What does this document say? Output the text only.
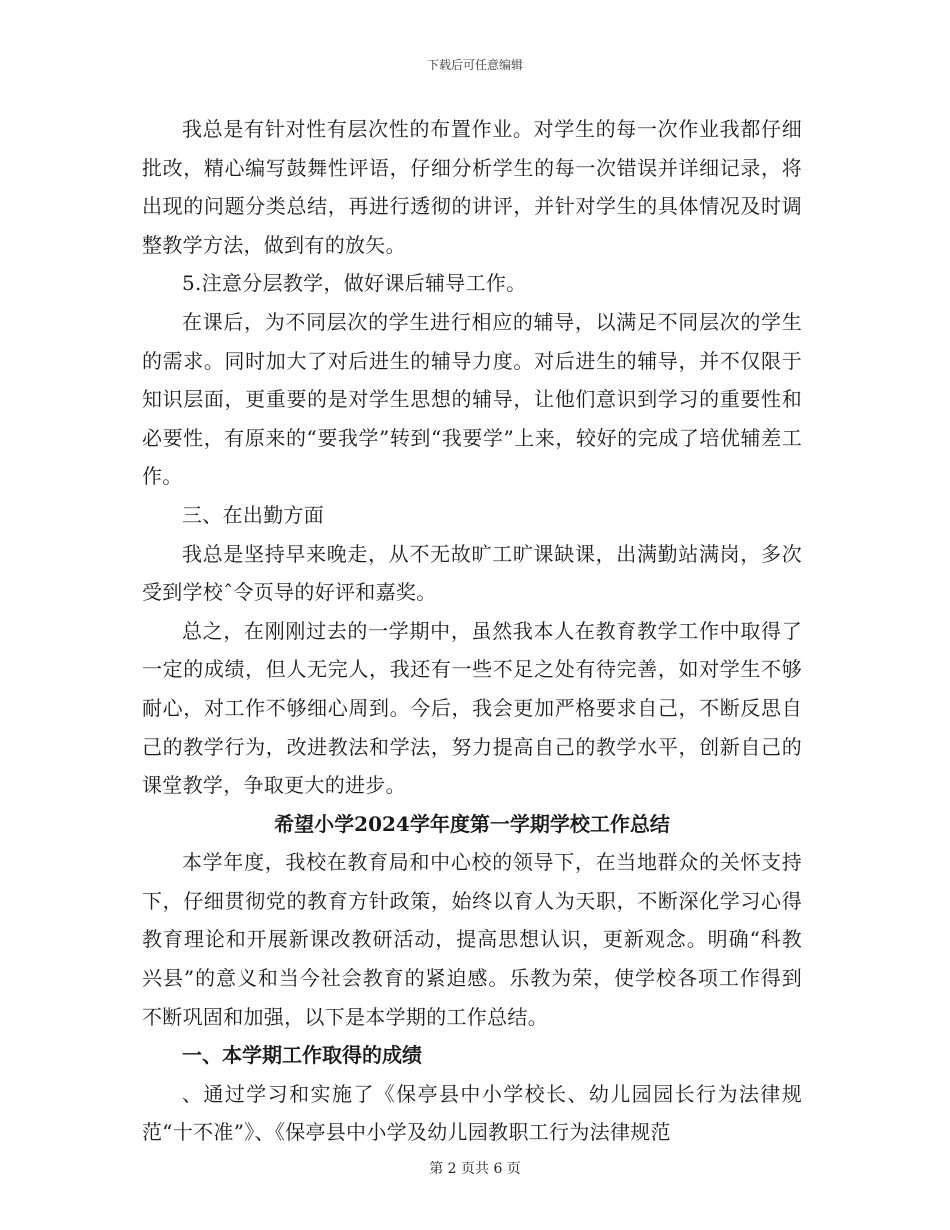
下载后可任意编辑

我总是有针对性有层次性的布置作业。对学生的每一次作业我都仔细批改，精心编写鼓舞性评语，仔细分析学生的每一次错误并详细记录，将出现的问题分类总结，再进行透彻的讲评，并针对学生的具体情况及时调整教学方法，做到有的放矢。

5.注意分层教学，做好课后辅导工作。

在课后，为不同层次的学生进行相应的辅导，以满足不同层次的学生的需求。同时加大了对后进生的辅导力度。对后进生的辅导，并不仅限于知识层面，更重要的是对学生思想的辅导，让他们意识到学习的重要性和必要性，有原来的“要我学”转到“我要学”上来，较好的完成了培优辅差工作。

三、在出勤方面

我总是坚持早来晚走，从不无故旷工旷课缺课，出满勤站满岗，多次受到学校ˆ令页导的好评和嘉奖。

总之，在刚刚过去的一学期中，虽然我本人在教育教学工作中取得了一定的成绩，但人无完人，我还有一些不足之处有待完善，如对学生不够耐心，对工作不够细心周到。今后，我会更加严格要求自己，不断反思自己的教学行为，改进教法和学法，努力提高自己的教学水平，创新自己的课堂教学，争取更大的进步。

希望小学2024学年度第一学期学校工作总结

本学年度，我校在教育局和中心校的领导下，在当地群众的关怀支持下，仔细贯彻党的教育方针政策，始终以育人为天职，不断深化学习心得教育理论和开展新课改教研活动，提高思想认识，更新观念。明确“科教兴县”的意义和当今社会教育的紧迫感。乐教为荣，使学校各项工作得到不断巩固和加强，以下是本学期的工作总结。

一、本学期工作取得的成绩

、通过学习和实施了《保亭县中小学校长、幼儿园园长行为法律规范“十不准”》、《保亭县中小学及幼儿园教职工行为法律规范

第 2 页共 6 页
